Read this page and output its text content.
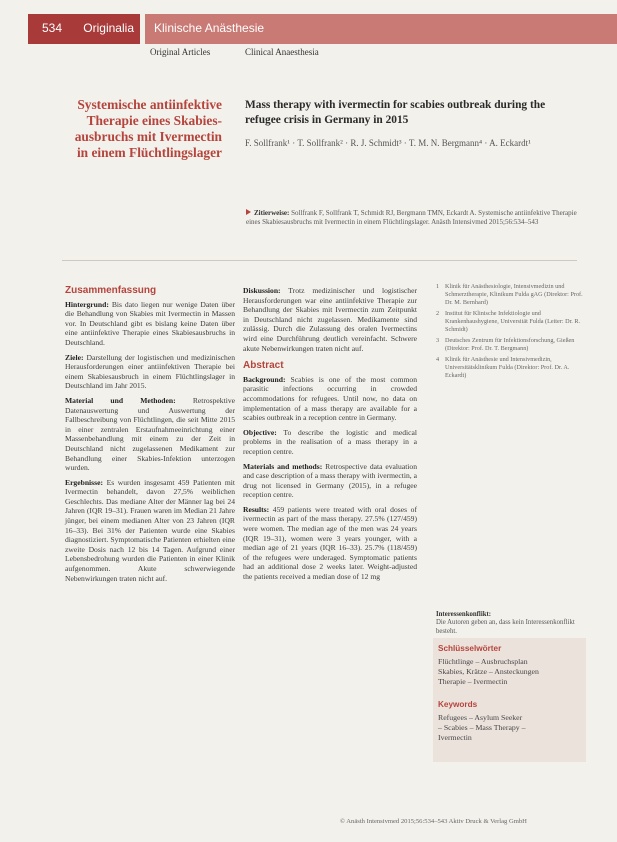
534 Originalia Klinische Anästhesie
Original Articles	Clinical Anaesthesia
Systemische antiinfektive
Therapie eines Skabies-
ausbruchs mit Ivermectin
in einem Flüchtlingslager
Mass therapy with ivermectin for scabies outbreak during the refugee crisis in Germany in 2015
F. Sollfrank¹ · T. Sollfrank² · R. J. Schmidt³ · T. M. N. Bergmann⁴ · A. Eckardt¹
Zitierweise: Sollfrank F, Sollfrank T, Schmidt RJ, Bergmann TMN, Eckardt A. Systemische antiinfektive Therapie eines Skabiesausbruchs mit Ivermectin in einem Flüchtlingslager. Anästh Intensivmed 2015;56:534–543
Zusammenfassung

Hintergrund: Bis dato liegen nur wenige Daten über die Behandlung von Skabies mit Ivermectin in Massen vor. In Deutschland gibt es bislang keine Daten über eine antiinfektive Therapie eines Skabiesausbruchs in Deutschland.

Ziele: Darstellung der logistischen und medizinischen Herausforderungen einer antiinfektiven Therapie bei einem Skabiesausbruch in einem Flüchtlingslager in Deutschland im Jahr 2015.

Material und Methoden: Retrospektive Datenauswertung und Auswertung der Fallbeschreibung von Flüchtlingen, die seit Mitte 2015 in einer zentralen Erstaufnahmeeinrichtung einer Massenbehandlung mit einem zu der Zeit in Deutschland nicht zugelassenen Medikament zur Behandlung einer Skabies-Infektion unterzogen wurden.

Ergebnisse: Es wurden insgesamt 459 Patienten mit Ivermectin behandelt, davon 27,5% weiblichen Geschlechts. Das mediane Alter der Männer lag bei 24 Jahren (IQR 19–31). Frauen waren im Median 21 Jahre jünger, bei einem medianen Alter von 23 Jahren (IQR 16–33). Bei 31% der Patienten wurde eine Skabies diagnostiziert. Symptomatische Patienten erhielten eine zweite Dosis nach 12 bis 14 Tagen. Aufgrund einer Lebensbedrohung wurden die Patienten in einer Klinik aufgenommen. Akute schwerwiegende Nebenwirkungen traten nicht auf.

Diskussion: Trotz medizinischer und logistischer Herausforderungen war eine antiinfektive Therapie zur Behandlung der Skabies mit Ivermectin zum Zeitpunkt in Deutschland nicht zugelassen. Medikamente sind zulässig. Durch die Zulassung des oralen Ivermectins wird eine Durchführung deutlich vereinfacht. Schwere akute Nebenwirkungen traten nicht auf.

Abstract

Background: Scabies is one of the most common parasitic infections occurring in crowded accommodations for refugees. Until now, no data on implementation of a mass therapy are available for a scabies outbreak in a reception centre in Germany.

Objective: To describe the logistic and medical problems in the realisation of a mass therapy in a reception centre.

Materials and methods: Retrospective data evaluation and case description of a mass therapy with ivermectin, a drug not licensed in Germany (2015), in a refugee reception centre.

Results: 459 patients were treated with oral doses of ivermectin as part of the mass therapy. 27.5% (127/459) were women. The median age of the men was 24 years (IQR 19–31), women were 3 years younger, with a median age of 21 years (IQR 16–33). 25.7% (118/459) of the refugees were underaged. Symptomatic patients had an additional dose 2 weeks later. Weight-adjusted the patients received a median dose of 12 mg

1 Klinik für Anästhesiologie, Intensivmedizin und Schmerztherapie, Klinikum Fulda gAG (Direktor: Prof. Dr. M. Bernhard)
2 Institut für Klinische Infektiologie und Krankenhaushygiene, Universität Fulda (Leiter: Dr. R. Schmidt)
3 Deutsches Zentrum für Infektionsforschung, Gießen (Direktor: Prof. Dr. T. Bergmann)
4 Klinik für Anästhesie und Intensivmedizin, Universitätsklinikum Fulda (Direktor: Prof. Dr. A. Eckardt)
Interessenkonflikt:
Die Autoren geben an, dass kein Interessenkonflikt besteht.
Schlüsselwörter
Flüchtlinge – Ausbruchsplan
Skabies, Krätze – Ansteckungen
Therapie – Ivermectin
Keywords
Refugees – Asylum Seeker
– Scabies – Mass Therapy –
Ivermectin
© Anästh Intensivmed 2015;56:534–543 Aktiv Druck & Verlag GmbH
